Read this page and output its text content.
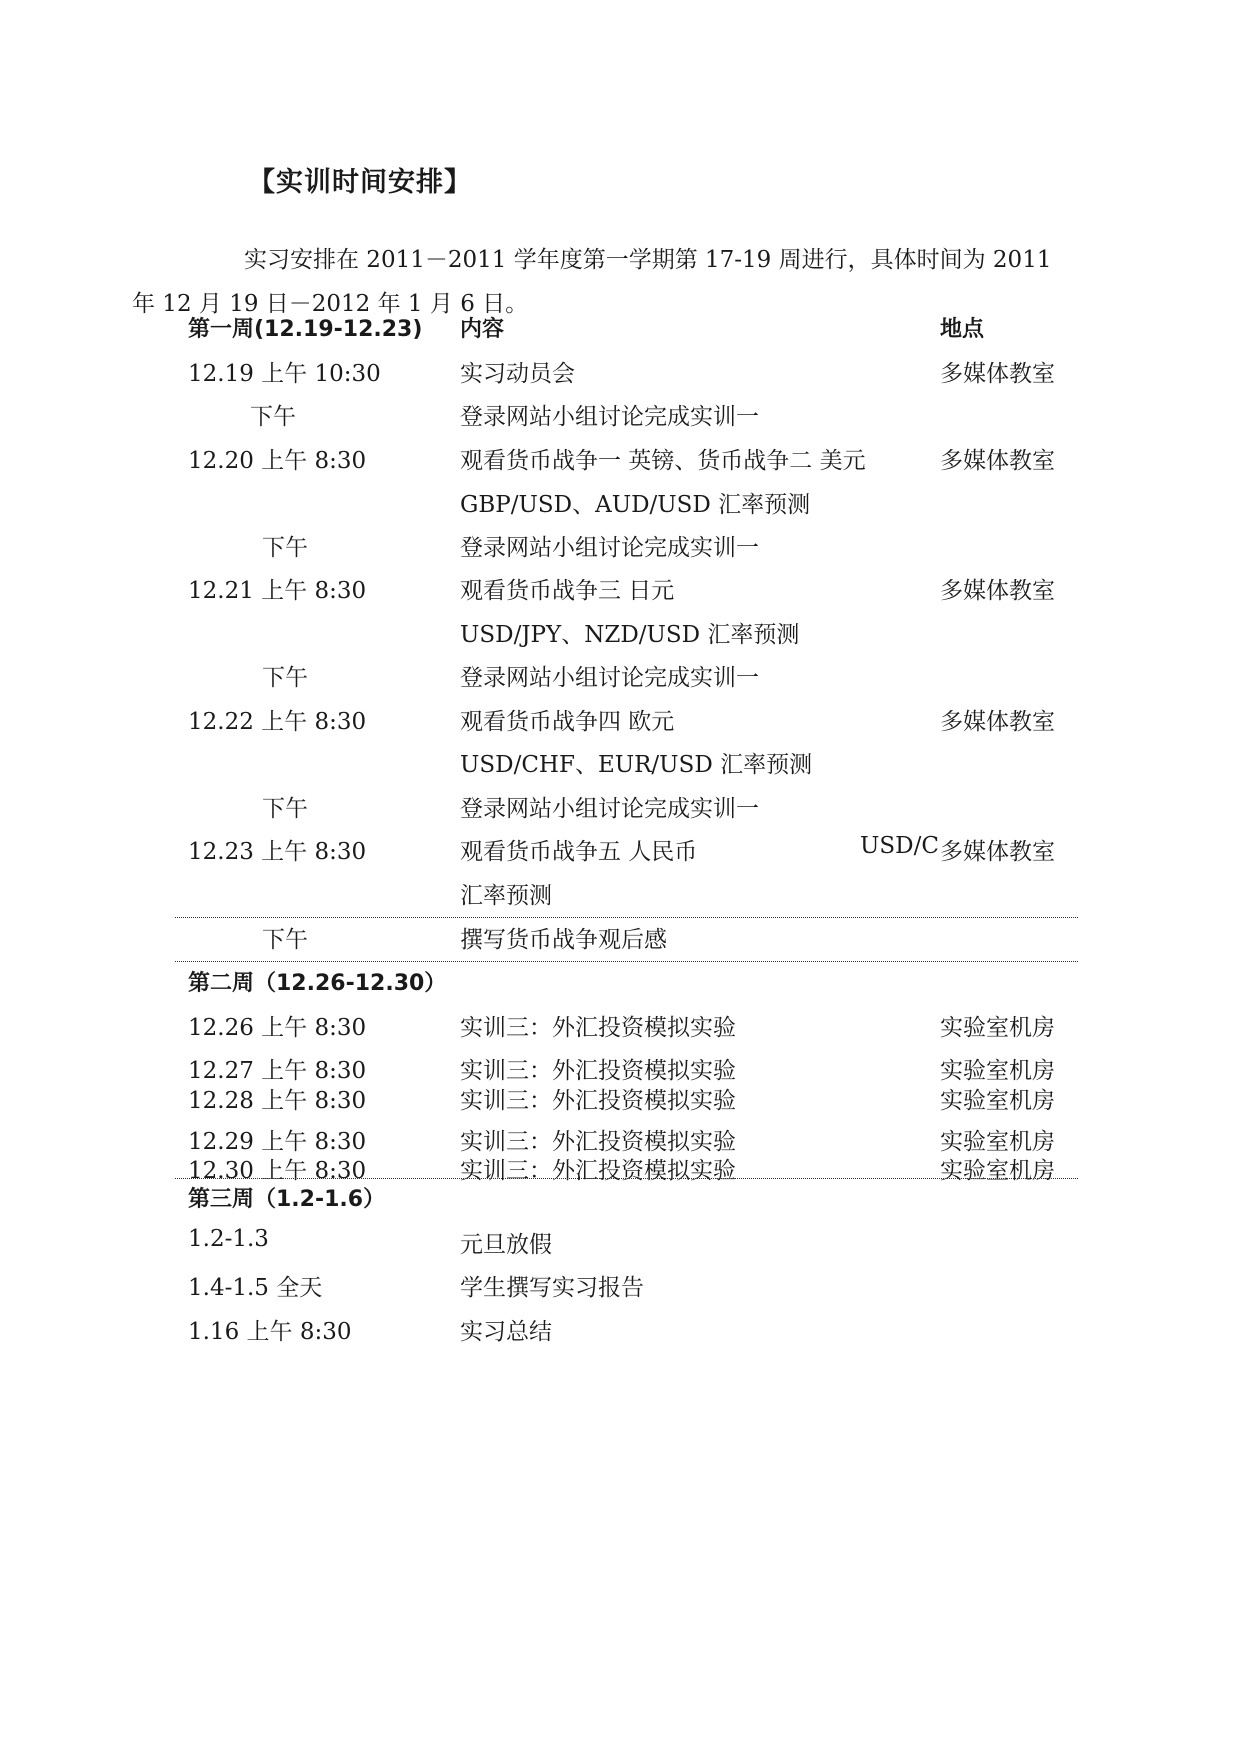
【实训时间安排】
实习安排在 2011－2011 学年度第一学期第 17-19 周进行，具体时间为 2011
年 12 月 19 日－2012 年 1 月 6 日。
第一周(12.19-12.23) 内容	地点
12.19 上午 10:30	实习动员会	多媒体教室
下午	登录网站小组讨论完成实训一
12.20 上午 8:30	观看货币战争一 英镑、货币战争二 美元	多媒体教室
GBP/USD、AUD/USD 汇率预测
下午	登录网站小组讨论完成实训一
12.21 上午 8:30	观看货币战争三 日元	多媒体教室
USD/JPY、NZD/USD 汇率预测
下午	登录网站小组讨论完成实训一
12.22 上午 8:30	观看货币战争四 欧元	多媒体教室
USD/CHF、EUR/USD 汇率预测
下午	登录网站小组讨论完成实训一
12.23 上午 8:30	观看货币战争五 人民币	USD/C 多媒体教室
汇率预测
下午	撰写货币战争观后感
第二周（12.26-12.30）
12.26 上午 8:30	实训三：外汇投资模拟实验	实验室机房
12.27 上午 8:30	实训三：外汇投资模拟实验	实验室机房
12.28 上午 8:30	实训三：外汇投资模拟实验	实验室机房
12.29 上午 8:30	实训三：外汇投资模拟实验	实验室机房
12.30 上午 8:30	实训三：外汇投资模拟实验	实验室机房
第三周（1.2-1.6）
1.2-1.3	元旦放假
1.4-1.5 全天	学生撰写实习报告
1.16 上午 8:30	实习总结
